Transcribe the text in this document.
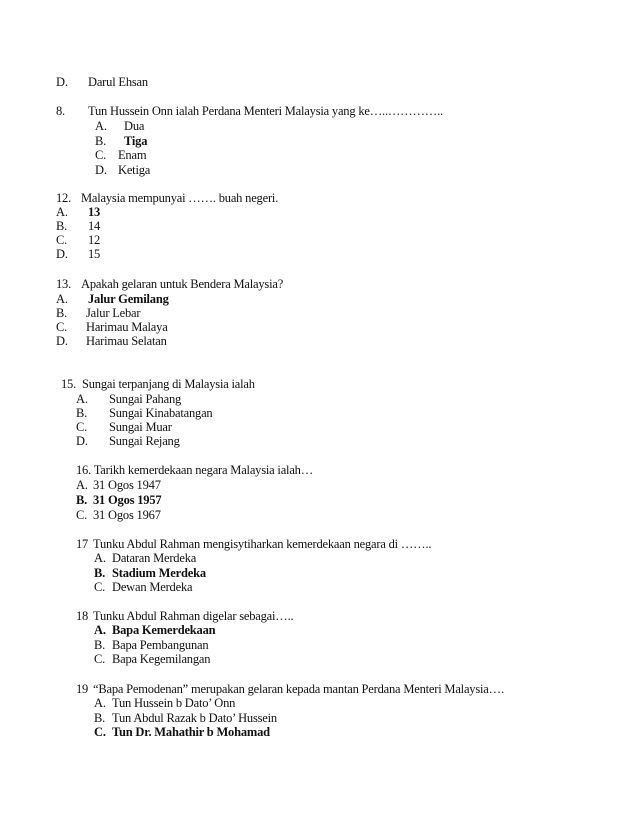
D. Darul Ehsan
8. Tun Hussein Onn ialah Perdana Menteri Malaysia yang ke…..…………..
A. Dua
B. Tiga
C. Enam
D. Ketiga
12. Malaysia mempunyai ……. buah negeri.
A. 13
B. 14
C. 12
D. 15
13. Apakah gelaran untuk Bendera Malaysia?
A. Jalur Gemilang
B. Jalur Lebar
C. Harimau Malaya
D. Harimau Selatan
15. Sungai terpanjang di Malaysia ialah
A. Sungai Pahang
B. Sungai Kinabatangan
C. Sungai Muar
D. Sungai Rejang
16. Tarikh kemerdekaan negara Malaysia ialah…
A. 31 Ogos 1947
B. 31 Ogos 1957
C. 31 Ogos 1967
17 Tunku Abdul Rahman mengisytiharkan kemerdekaan negara di ……..
A. Dataran Merdeka
B. Stadium Merdeka
C. Dewan Merdeka
18 Tunku Abdul Rahman digelar sebagai…..
A. Bapa Kemerdekaan
B. Bapa Pembangunan
C. Bapa Kegemilangan
19 “Bapa Pemodenan” merupakan gelaran kepada mantan Perdana Menteri Malaysia….
A. Tun Hussein b Dato’ Onn
B. Tun Abdul Razak b Dato’ Hussein
C. Tun Dr. Mahathir b Mohamad
